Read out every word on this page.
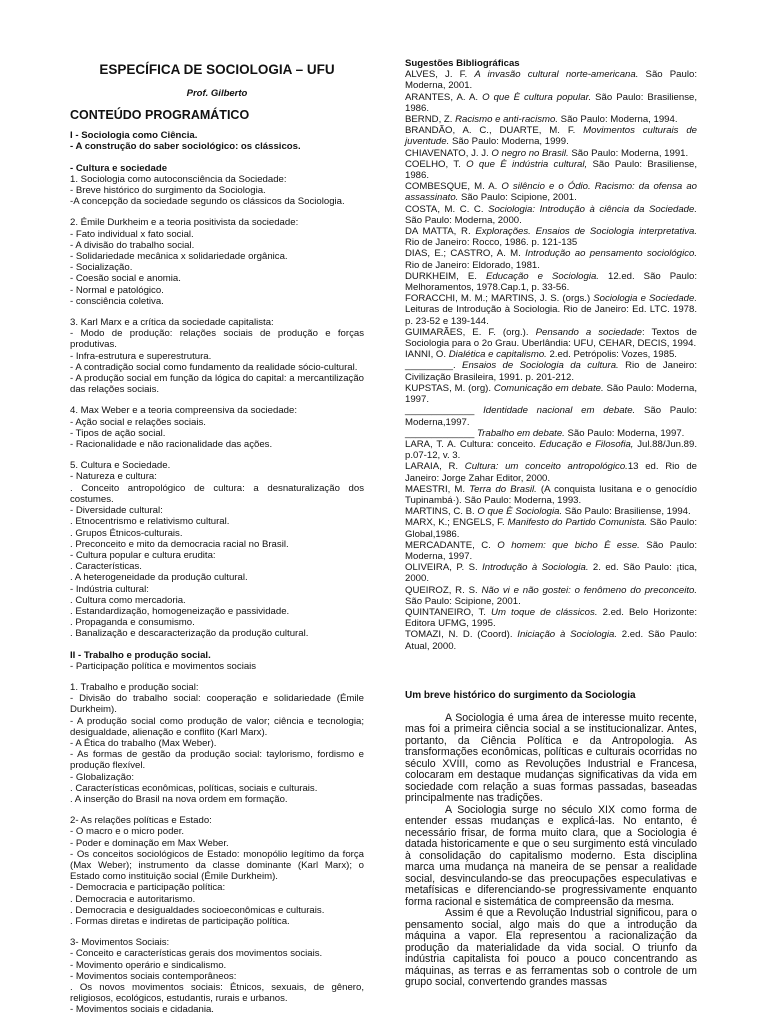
ESPECÍFICA DE SOCIOLOGIA – UFU
Prof. Gilberto
CONTEÚDO PROGRAMÁTICO
I - Sociologia como Ciência.
- A construção do saber sociológico: os clássicos.
- Cultura e sociedade
1. Sociologia como autoconsciência da Sociedade:
- Breve histórico do surgimento da Sociologia.
-A concepção da sociedade segundo os clássicos da Sociologia.
2. Émile Durkheim e a teoria positivista da sociedade:
- Fato individual x fato social.
- A divisão do trabalho social.
- Solidariedade mecânica x solidariedade orgânica.
- Socialização.
- Coesão social e anomia.
- Normal e patológico.
- consciência coletiva.
3. Karl Marx e a crítica da sociedade capitalista:
- Modo de produção: relações sociais de produção e forças produtivas.
- Infra-estrutura e superestrutura.
- A contradição social como fundamento da realidade sócio-cultural.
- A produção social em função da lógica do capital: a mercantilização das relações sociais.
4. Max Weber e a teoria compreensiva da sociedade:
- Ação social e relações sociais.
- Tipos de ação social.
- Racionalidade e não racionalidade das ações.
5. Cultura e Sociedade.
- Natureza e cultura:
. Conceito antropológico de cultura: a desnaturalização dos costumes.
- Diversidade cultural:
. Etnocentrismo e relativismo cultural.
. Grupos Étnicos-culturais.
. Preconceito e mito da democracia racial no Brasil.
- Cultura popular e cultura erudita:
. Características.
. A heterogeneidade da produção cultural.
- Indústria cultural:
. Cultura como mercadoria.
. Estandardização, homogeneização e passividade.
. Propaganda e consumismo.
. Banalização e descaracterização da produção cultural.
II - Trabalho e produção social.
- Participação política e movimentos sociais
1. Trabalho e produção social:
- Divisão do trabalho social: cooperação e solidariedade (Émile Durkheim).
- A produção social como produção de valor; ciência e tecnologia; desigualdade, alienação e conflito (Karl Marx).
- A Ética do trabalho (Max Weber).
- As formas de gestão da produção social: taylorismo, fordismo e produção flexível.
- Globalização:
. Características econômicas, políticas, sociais e culturais.
. A inserção do Brasil na nova ordem em formação.
2- As relações políticas e Estado:
- O macro e o micro poder.
- Poder e dominação em Max Weber.
- Os conceitos sociológicos de Estado: monopólio legítimo da força (Max Weber); instrumento da classe dominante (Karl Marx); o Estado como instituição social (Émile Durkheim).
- Democracia e participação política:
. Democracia e autoritarismo.
. Democracia e desigualdades socioeconômicas e culturais.
. Formas diretas e indiretas de participação política.
3- Movimentos Sociais:
- Conceito e características gerais dos movimentos sociais.
- Movimento operário e sindicalismo.
- Movimentos sociais contemporâneos:
. Os novos movimentos sociais: Étnicos, sexuais, de gênero, religiosos, ecológicos, estudantis, rurais e urbanos.
- Movimentos sociais e cidadania.
Sugestões Bibliográficas
ALVES, J. F. A invasão cultural norte-americana. São Paulo: Moderna, 2001.
ARANTES, A. A. O que È cultura popular. São Paulo: Brasiliense, 1986.
BERND, Z. Racismo e anti-racismo. São Paulo: Moderna, 1994.
BRANDÃO, A. C., DUARTE, M. F. Movimentos culturais de juventude. São Paulo: Moderna, 1999.
CHIAVENATO, J. J. O negro no Brasil. São Paulo: Moderna, 1991.
COELHO, T. O que È indústria cultural, São Paulo: Brasiliense, 1986.
COMBESQUE, M. A. O silêncio e o Ódio. Racismo: da ofensa ao assassinato. São Paulo: Scipione, 2001.
COSTA, M. C. C. Sociologia: Introdução à ciência da Sociedade. São Paulo: Moderna, 2000.
DA MATTA, R. Explorações. Ensaios de Sociologia interpretativa. Rio de Janeiro: Rocco, 1986. p. 121-135
DIAS, E.; CASTRO, A. M. Introdução ao pensamento sociológico. Rio de Janeiro: Eldorado, 1981.
DURKHEIM, E. Educação e Sociologia. 12.ed. São Paulo: Melhoramentos, 1978.Cap.1, p. 33-56.
FORACCHI, M. M.; MARTINS, J. S. (orgs.) Sociologia e Sociedade. Leituras de Introdução à Sociologia. Rio de Janeiro: Ed. LTC. 1978. p. 23-52 e 139-144.
GUIMARÃES, E. F. (org.). Pensando a sociedade: Textos de Sociologia para o 2o Grau. Uberlândia: UFU, CEHAR, DECIS, 1994.
IANNI, O. Dialética e capitalismo. 2.ed. Petrópolis: Vozes, 1985.
_________. Ensaios de Sociologia da cultura. Rio de Janeiro: Civilização Brasileira, 1991. p. 201-212.
KUPSTAS, M. (org). Comunicação em debate. São Paulo: Moderna, 1997.
_____________ Identidade nacional em debate. São Paulo: Moderna,1997.
_____________ Trabalho em debate. São Paulo: Moderna, 1997.
LARA, T. A. Cultura: conceito. Educação e Filosofia, Jul.88/Jun.89. p.07-12, v. 3.
LARAIA, R. Cultura: um conceito antropológico.13 ed. Rio de Janeiro: Jorge Zahar Editor, 2000.
MAESTRI, M. Terra do Brasil. (A conquista lusitana e o genocídio Tupinambá·). São Paulo: Moderna, 1993.
MARTINS, C. B. O que È Sociologia. São Paulo: Brasiliense, 1994.
MARX, K.; ENGELS, F. Manifesto do Partido Comunista. São Paulo: Global,1986.
MERCADANTE, C. O homem: que bicho È esse. São Paulo: Moderna, 1997.
OLIVEIRA, P. S. Introdução à Sociologia. 2. ed. São Paulo: ¡tica, 2000.
QUEIROZ, R. S. Não vi e não gostei: o fenômeno do preconceito. São Paulo: Scipione, 2001.
QUINTANEIRO, T. Um toque de clássicos. 2.ed. Belo Horizonte: Editora UFMG, 1995.
TOMAZI, N. D. (Coord). Iniciação à Sociologia. 2.ed. São Paulo: Atual, 2000.
Um breve histórico do surgimento da Sociologia
A Sociologia é uma área de interesse muito recente, mas foi a primeira ciência social a se institucionalizar. Antes, portanto, da Ciência Política e da Antropologia. As transformações econômicas, políticas e culturais ocorridas no século XVIII, como as Revoluções Industrial e Francesa, colocaram em destaque mudanças significativas da vida em sociedade com relação a suas formas passadas, baseadas principalmente nas tradições.
A Sociologia surge no século XIX como forma de entender essas mudanças e explicá-las. No entanto, é necessário frisar, de forma muito clara, que a Sociologia é datada historicamente e que o seu surgimento está vinculado à consolidação do capitalismo moderno. Esta disciplina marca uma mudança na maneira de se pensar a realidade social, desvinculando-se das preocupações especulativas e metafísicas e diferenciando-se progressivamente enquanto forma racional e sistemática de compreensão da mesma.
Assim é que a Revolução Industrial significou, para o pensamento social, algo mais do que a introdução da máquina a vapor. Ela representou a racionalização da produção da materialidade da vida social. O triunfo da indústria capitalista foi pouco a pouco concentrando as máquinas, as terras e as ferramentas sob o controle de um grupo social, convertendo grandes massas
